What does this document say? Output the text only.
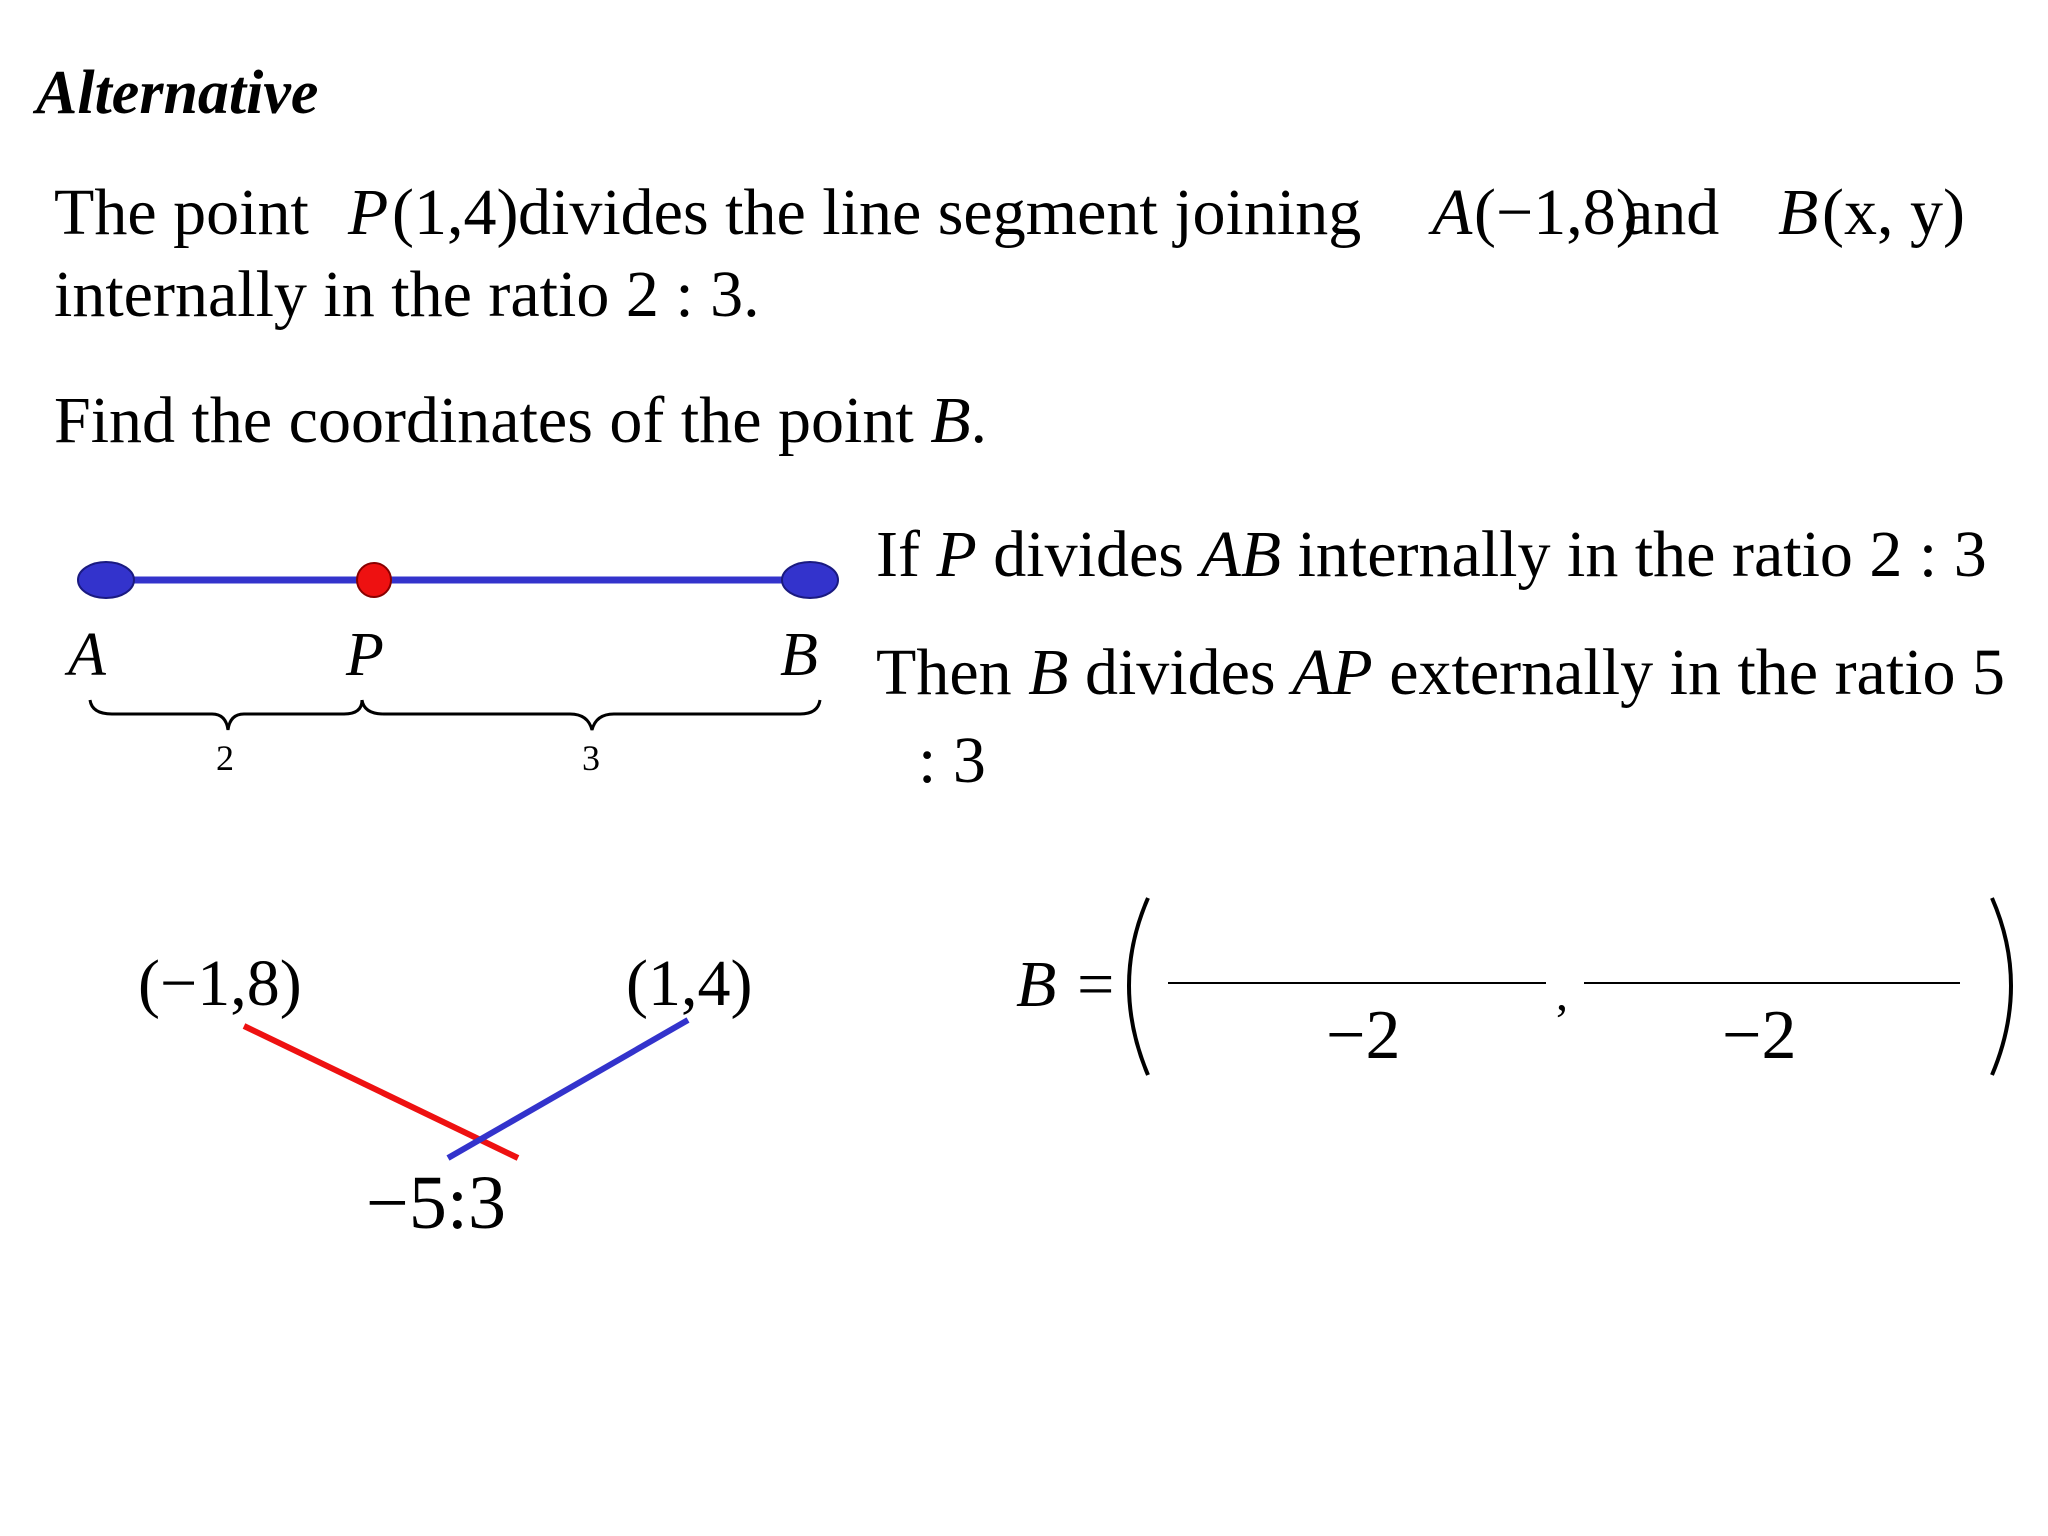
Alternative
The point P (1,4) divides the line segment joining A (−1,8)
and B (x, y)
internally in the ratio 2 : 3.
Find the coordinates of the point B.
If P divides AB internally in the ratio 2 : 3
Then B divides AP externally in the ratio 5
: 3
A	P	B
2	3
(−1,8)	(1,4)
−5:3
B =	,
−2	−2
